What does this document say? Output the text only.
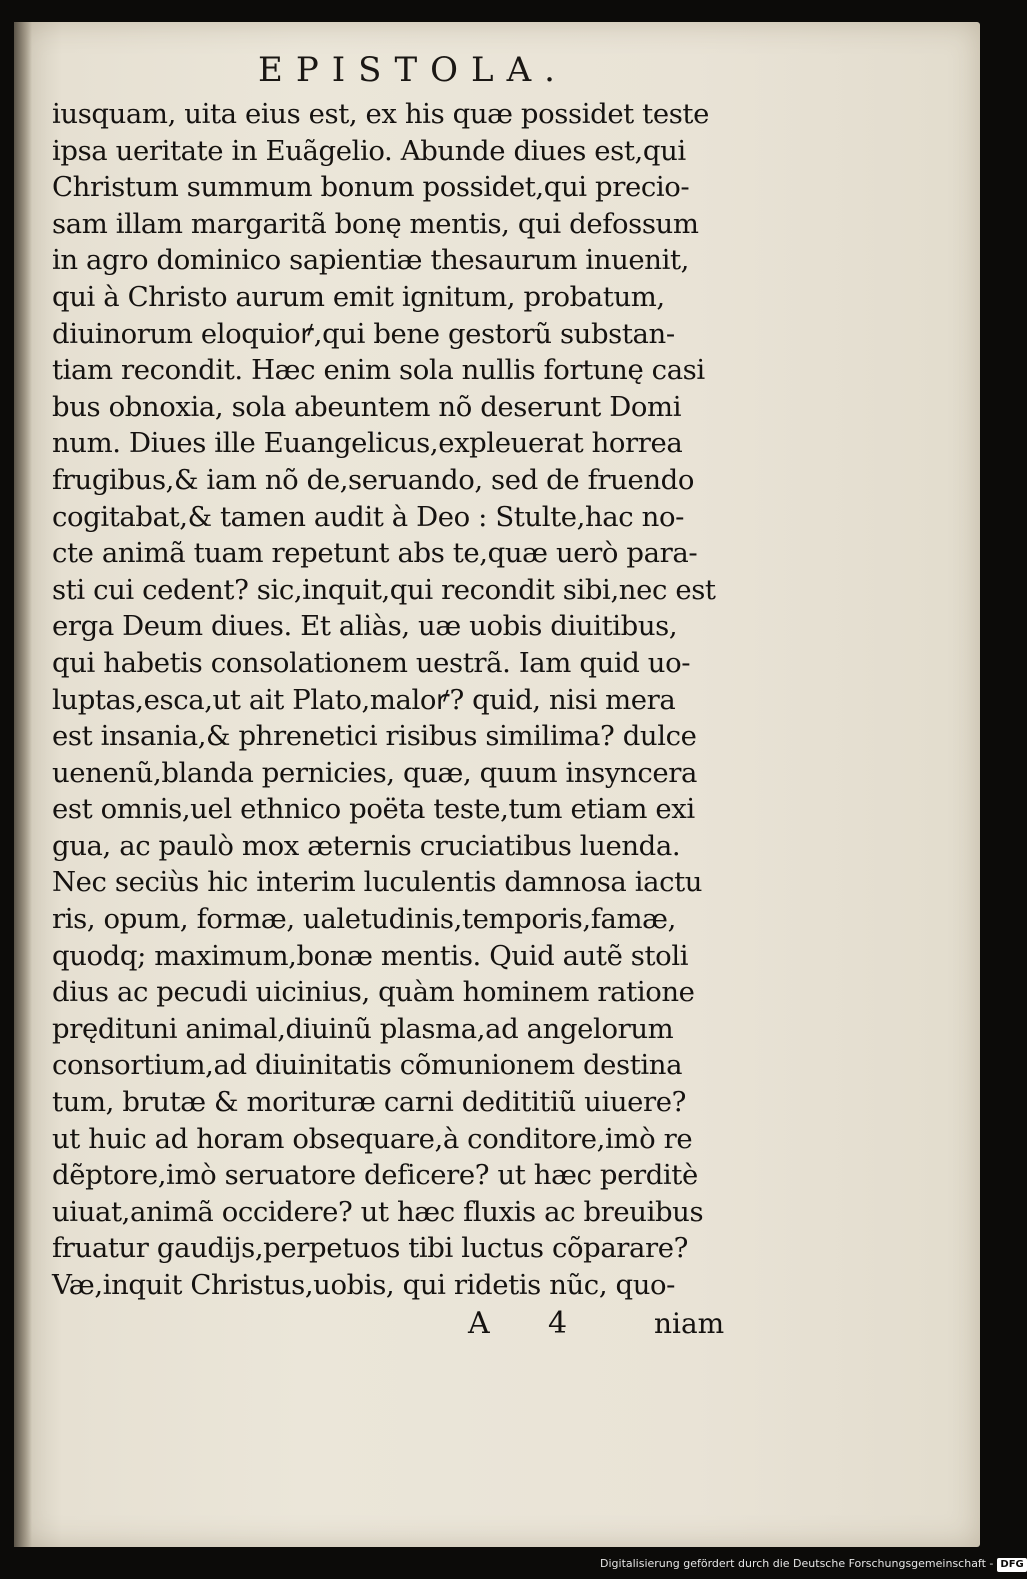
EPISTOLA.
iusquam, uita eius est, ex his quæ possidet teste
ipsa ueritate in Euãgelio. Abunde diues est,qui
Christum summum bonum possidet,qui precio-
sam illam margaritã bonę mentis, qui defossum
in agro dominico sapientiæ thesaurum inuenit,
qui à Christo aurum emit ignitum, probatum,
diuinorum eloquioꝵ,qui bene gestorũ substan-
tiam recondit. Hæc enim sola nullis fortunę casi
bus obnoxia, sola abeuntem nõ deserunt Domi
num. Diues ille Euangelicus,expleuerat horrea
frugibus,& iam nõ de,seruando, sed de fruendo
cogitabat,& tamen audit à Deo : Stulte,hac no-
cte animã tuam repetunt abs te,quæ uerò para-
sti cui cedent? sic,inquit,qui recondit sibi,nec est
erga Deum diues. Et aliàs, uæ uobis diuitibus,
qui habetis consolationem uestrã. Iam quid uo-
luptas,esca,ut ait Plato,maloꝵ? quid, nisi mera
est insania,& phrenetici risibus similima? dulce
uenenũ,blanda pernicies, quæ, quum insyncera
est omnis,uel ethnico poëta teste,tum etiam exi
gua, ac paulò mox æternis cruciatibus luenda.
Nec seciùs hic interim luculentis damnosa iactu
ris, opum, formæ, ualetudinis,temporis,famæ,
quodq; maximum,bonæ mentis. Quid autẽ stoli
dius ac pecudi uicinius, quàm hominem ratione
prędituni animal,diuinũ plasma,ad angelorum
consortium,ad diuinitatis cõmunionem destina
tum, brutæ & morituræ carni dedititiũ uiuere?
ut huic ad horam obsequare,à conditore,imò re
dẽptore,imò seruatore deficere? ut hæc perditè
uiuat,animã occidere? ut hæc fluxis ac breuibus
fruatur gaudijs,perpetuos tibi luctus cõparare?
Væ,inquit Christus,uobis, qui ridetis nũc, quo-
A 4	niam
Digitalisierung gefördert durch die Deutsche Forschungsgemeinschaft - DFG
